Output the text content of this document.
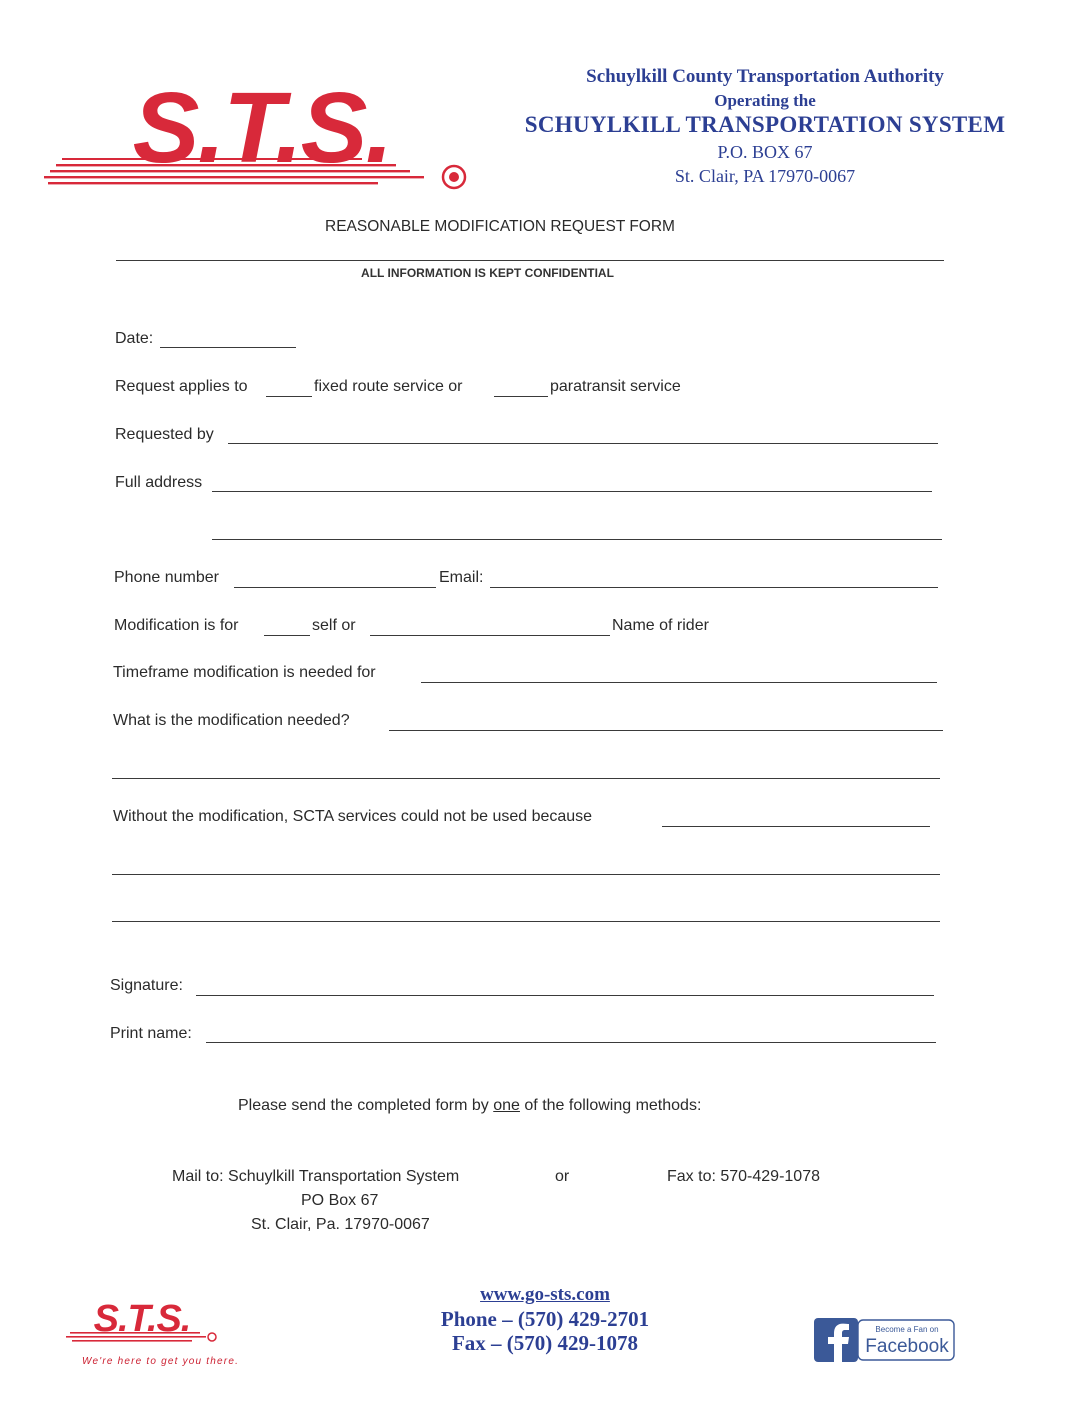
S.T.S.	Schuylkill County Transportation Authority
Operating the
SCHUYLKILL TRANSPORTATION SYSTEM
P.O. BOX 67
St. Clair, PA 17970-0067
REASONABLE MODIFICATION REQUEST FORM
ALL INFORMATION IS KEPT CONFIDENTIAL
Date:
Request applies to	fixed route service or	paratransit service
Requested by
Full address
Phone number	Email:
Modification is for	self or	Name of rider
Timeframe modification is needed for
What is the modification needed?
Without the modification, SCTA services could not be used because
Signature:
Print name:
Please send the completed form by one of the following methods:
Mail to: Schuylkill Transportation System
PO Box 67
St. Clair, Pa. 17970-0067
or	Fax to: 570-429-1078
S.T.S.
We're here to get you there.
www.go-sts.com
Phone – (570) 429-2701
Fax – (570) 429-1078
Become a Fan on
Facebook
